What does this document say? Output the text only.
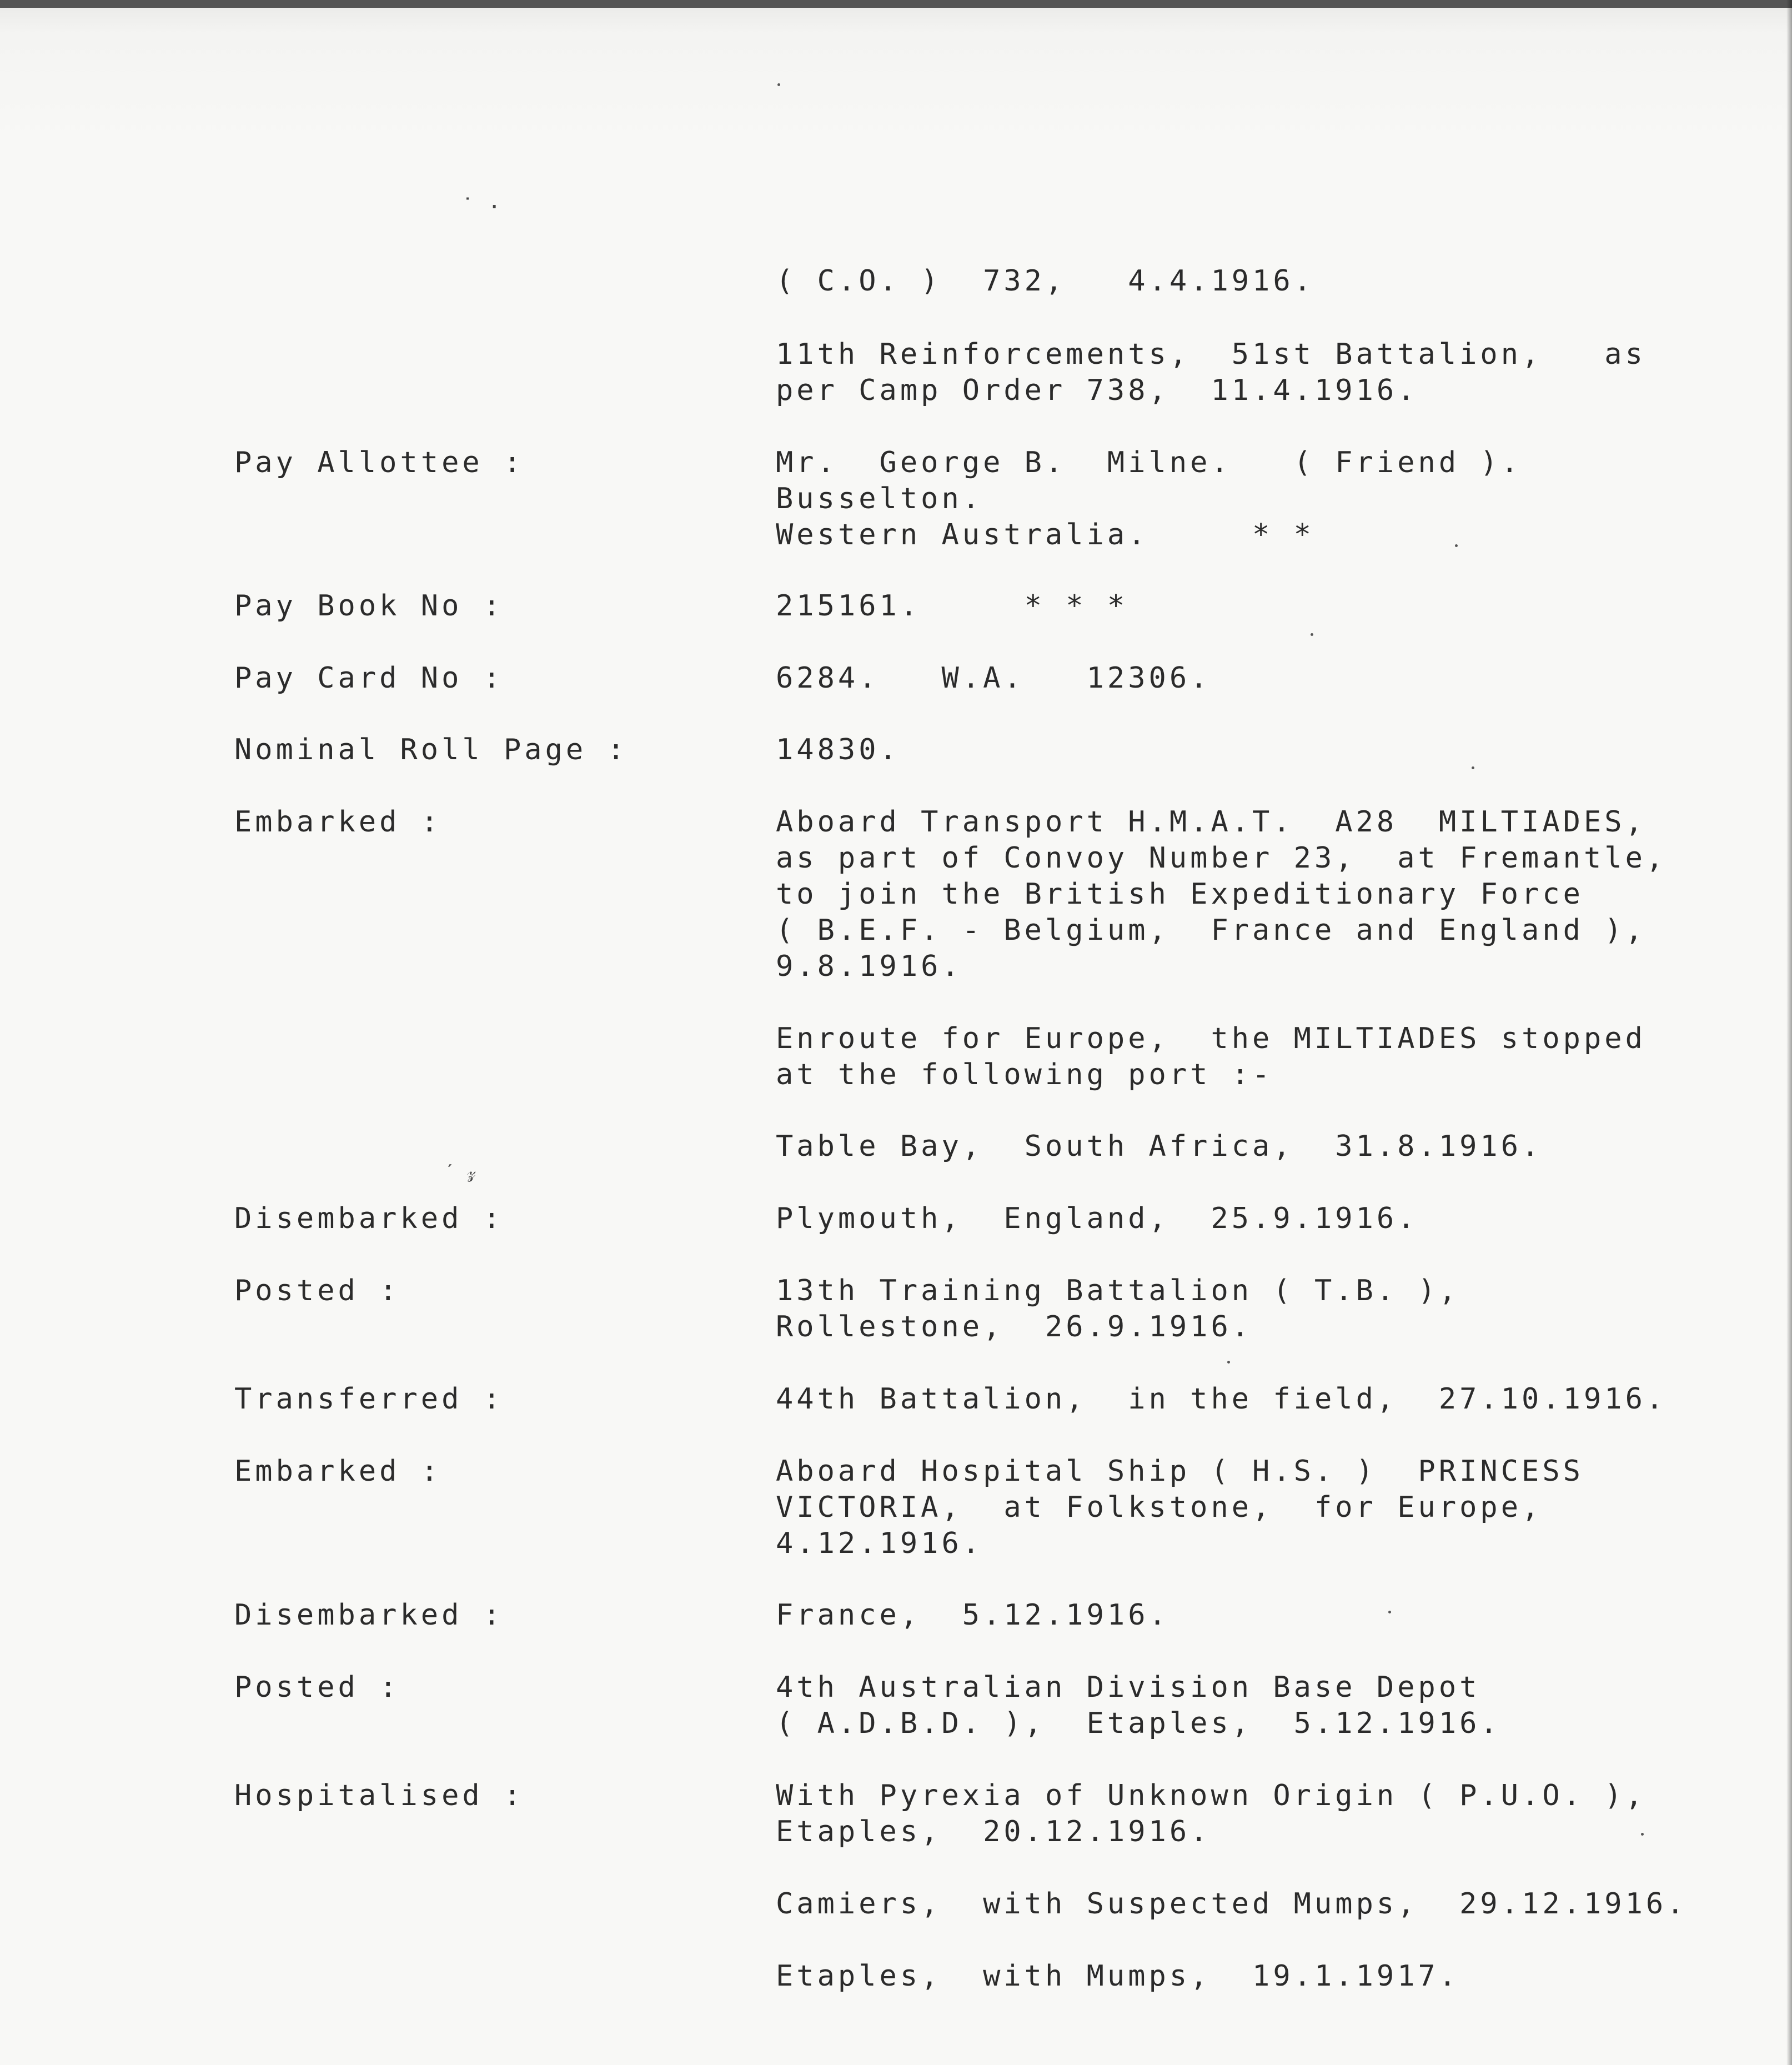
˙ ·
ˊ 𝓏
( C.O. )  732,   4.4.1916.
11th Reinforcements,  51st Battalion,   as
per Camp Order 738,  11.4.1916.
Pay Allottee :	Mr.  George B.  Milne.   ( Friend ).
Busselton.
Western Australia.     * *
Pay Book No :	215161.     * * *
Pay Card No :	6284.   W.A.   12306.
Nominal Roll Page :	14830.
Embarked :	Aboard Transport H.M.A.T.  A28  MILTIADES,
as part of Convoy Number 23,  at Fremantle,
to join the British Expeditionary Force
( B.E.F. - Belgium,  France and England ),
9.8.1916.
Enroute for Europe,  the MILTIADES stopped
at the following port :-
Table Bay,  South Africa,  31.8.1916.
Disembarked :	Plymouth,  England,  25.9.1916.
Posted :	13th Training Battalion ( T.B. ),
Rollestone,  26.9.1916.
Transferred :	44th Battalion,  in the field,  27.10.1916.
Embarked :	Aboard Hospital Ship ( H.S. )  PRINCESS
VICTORIA,  at Folkstone,  for Europe,
4.12.1916.
Disembarked :	France,  5.12.1916.
Posted :	4th Australian Division Base Depot
( A.D.B.D. ),  Etaples,  5.12.1916.
Hospitalised :	With Pyrexia of Unknown Origin ( P.U.O. ),
Etaples,  20.12.1916.
Camiers,  with Suspected Mumps,  29.12.1916.
Etaples,  with Mumps,  19.1.1917.
